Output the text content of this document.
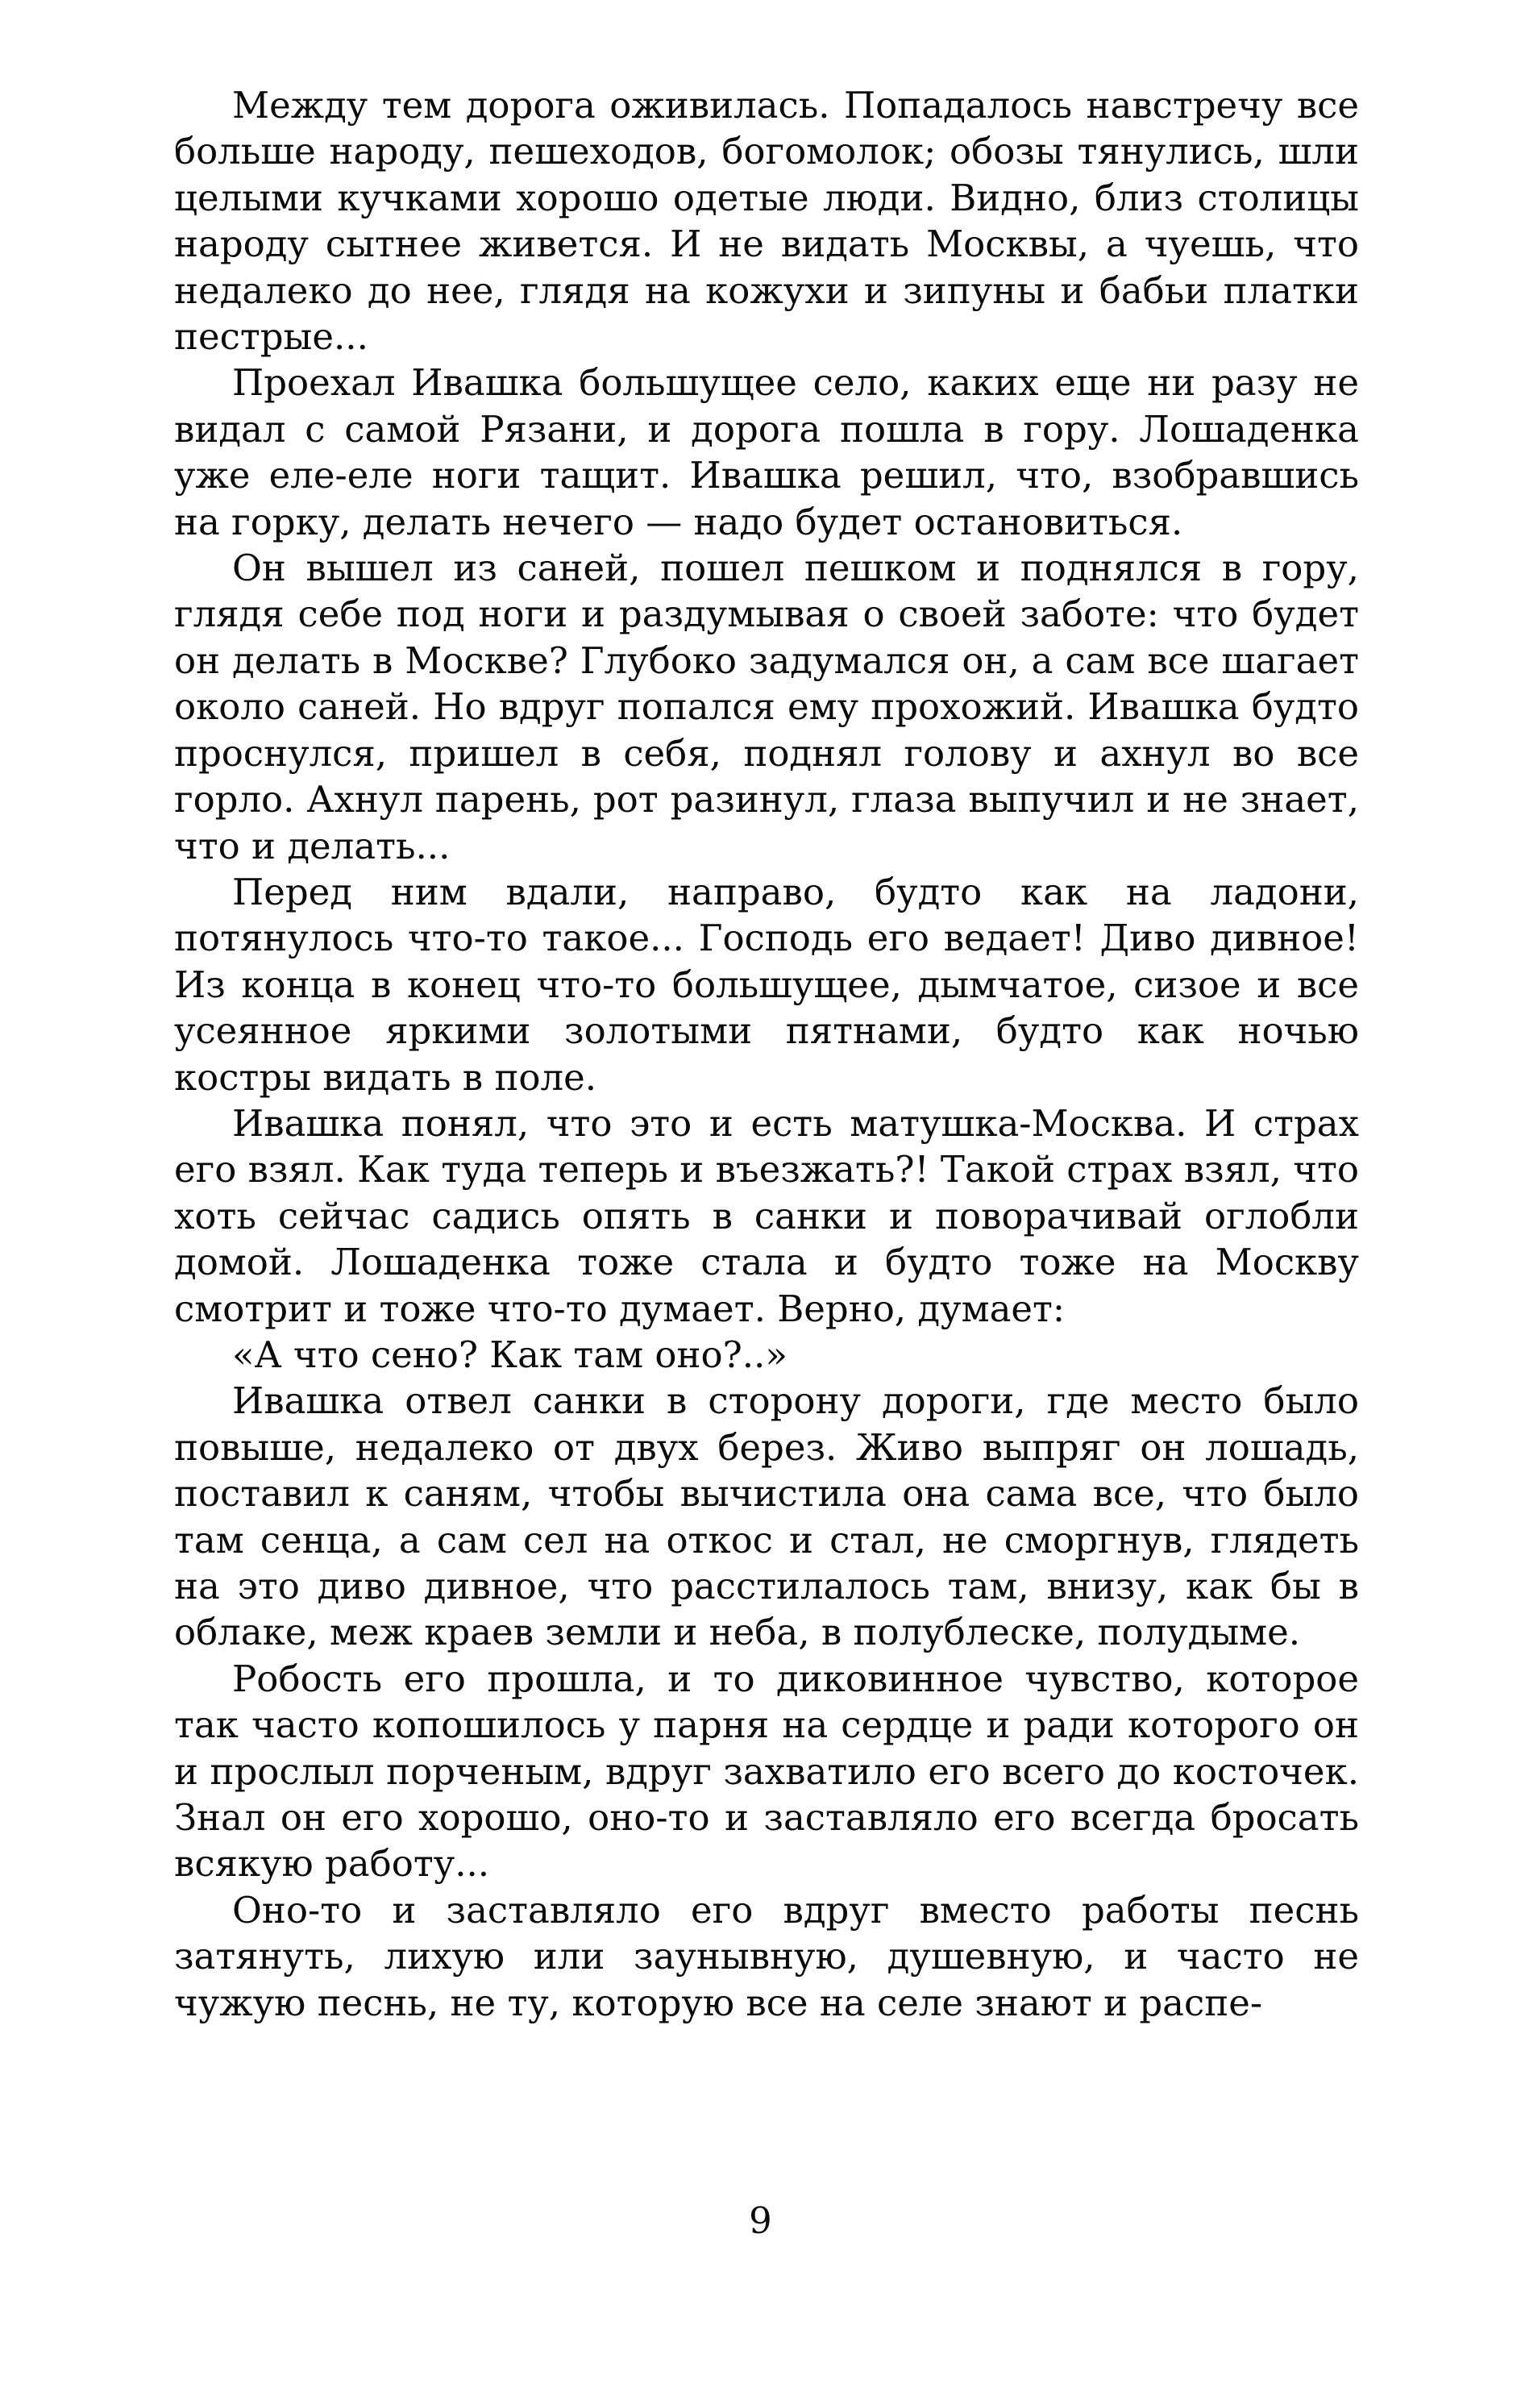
Между тем дорога оживилась. Попадалось навстречу все больше народу, пешеходов, богомолок; обозы тянулись, шли целыми кучками хорошо одетые люди. Видно, близ столицы народу сытнее живется. И не видать Москвы, а чуешь, что недалеко до нее, глядя на кожухи и зипуны и бабьи платки пестрые...

Проехал Ивашка большущее село, каких еще ни разу не видал с самой Рязани, и дорога пошла в гору. Лошаденка уже еле-еле ноги тащит. Ивашка решил, что, взобравшись на горку, делать нечего — надо будет остановиться.

Он вышел из саней, пошел пешком и поднялся в гору, глядя себе под ноги и раздумывая о своей заботе: что будет он делать в Москве? Глубоко задумался он, а сам все шагает около саней. Но вдруг попался ему прохожий. Ивашка будто проснулся, пришел в себя, поднял голову и ахнул во все горло. Ахнул парень, рот разинул, глаза выпучил и не знает, что и делать...

Перед ним вдали, направо, будто как на ладони, потянулось что-то такое... Господь его ведает! Диво дивное! Из конца в конец что-то большущее, дымчатое, сизое и все усеянное яркими золотыми пятнами, будто как ночью костры видать в поле.

Ивашка понял, что это и есть матушка-Москва. И страх его взял. Как туда теперь и въезжать?! Такой страх взял, что хоть сейчас садись опять в санки и поворачивай оглобли домой. Лошаденка тоже стала и будто тоже на Москву смотрит и тоже что-то думает. Верно, думает:

«А что сено? Как там оно?..»

Ивашка отвел санки в сторону дороги, где место было повыше, недалеко от двух берез. Живо выпряг он лошадь, поставил к саням, чтобы вычистила она сама все, что было там сенца, а сам сел на откос и стал, не сморгнув, глядеть на это диво дивное, что расстилалось там, внизу, как бы в облаке, меж краев земли и неба, в полублеске, полудыме.

Робость его прошла, и то диковинное чувство, которое так часто копошилось у парня на сердце и ради которого он и прослыл порченым, вдруг захватило его всего до косточек. Знал он его хорошо, оно-то и заставляло его всегда бросать всякую работу...

Оно-то и заставляло его вдруг вместо работы песнь затянуть, лихую или заунывную, душевную, и часто не чужую песнь, не ту, которую все на селе знают и распе-

9
